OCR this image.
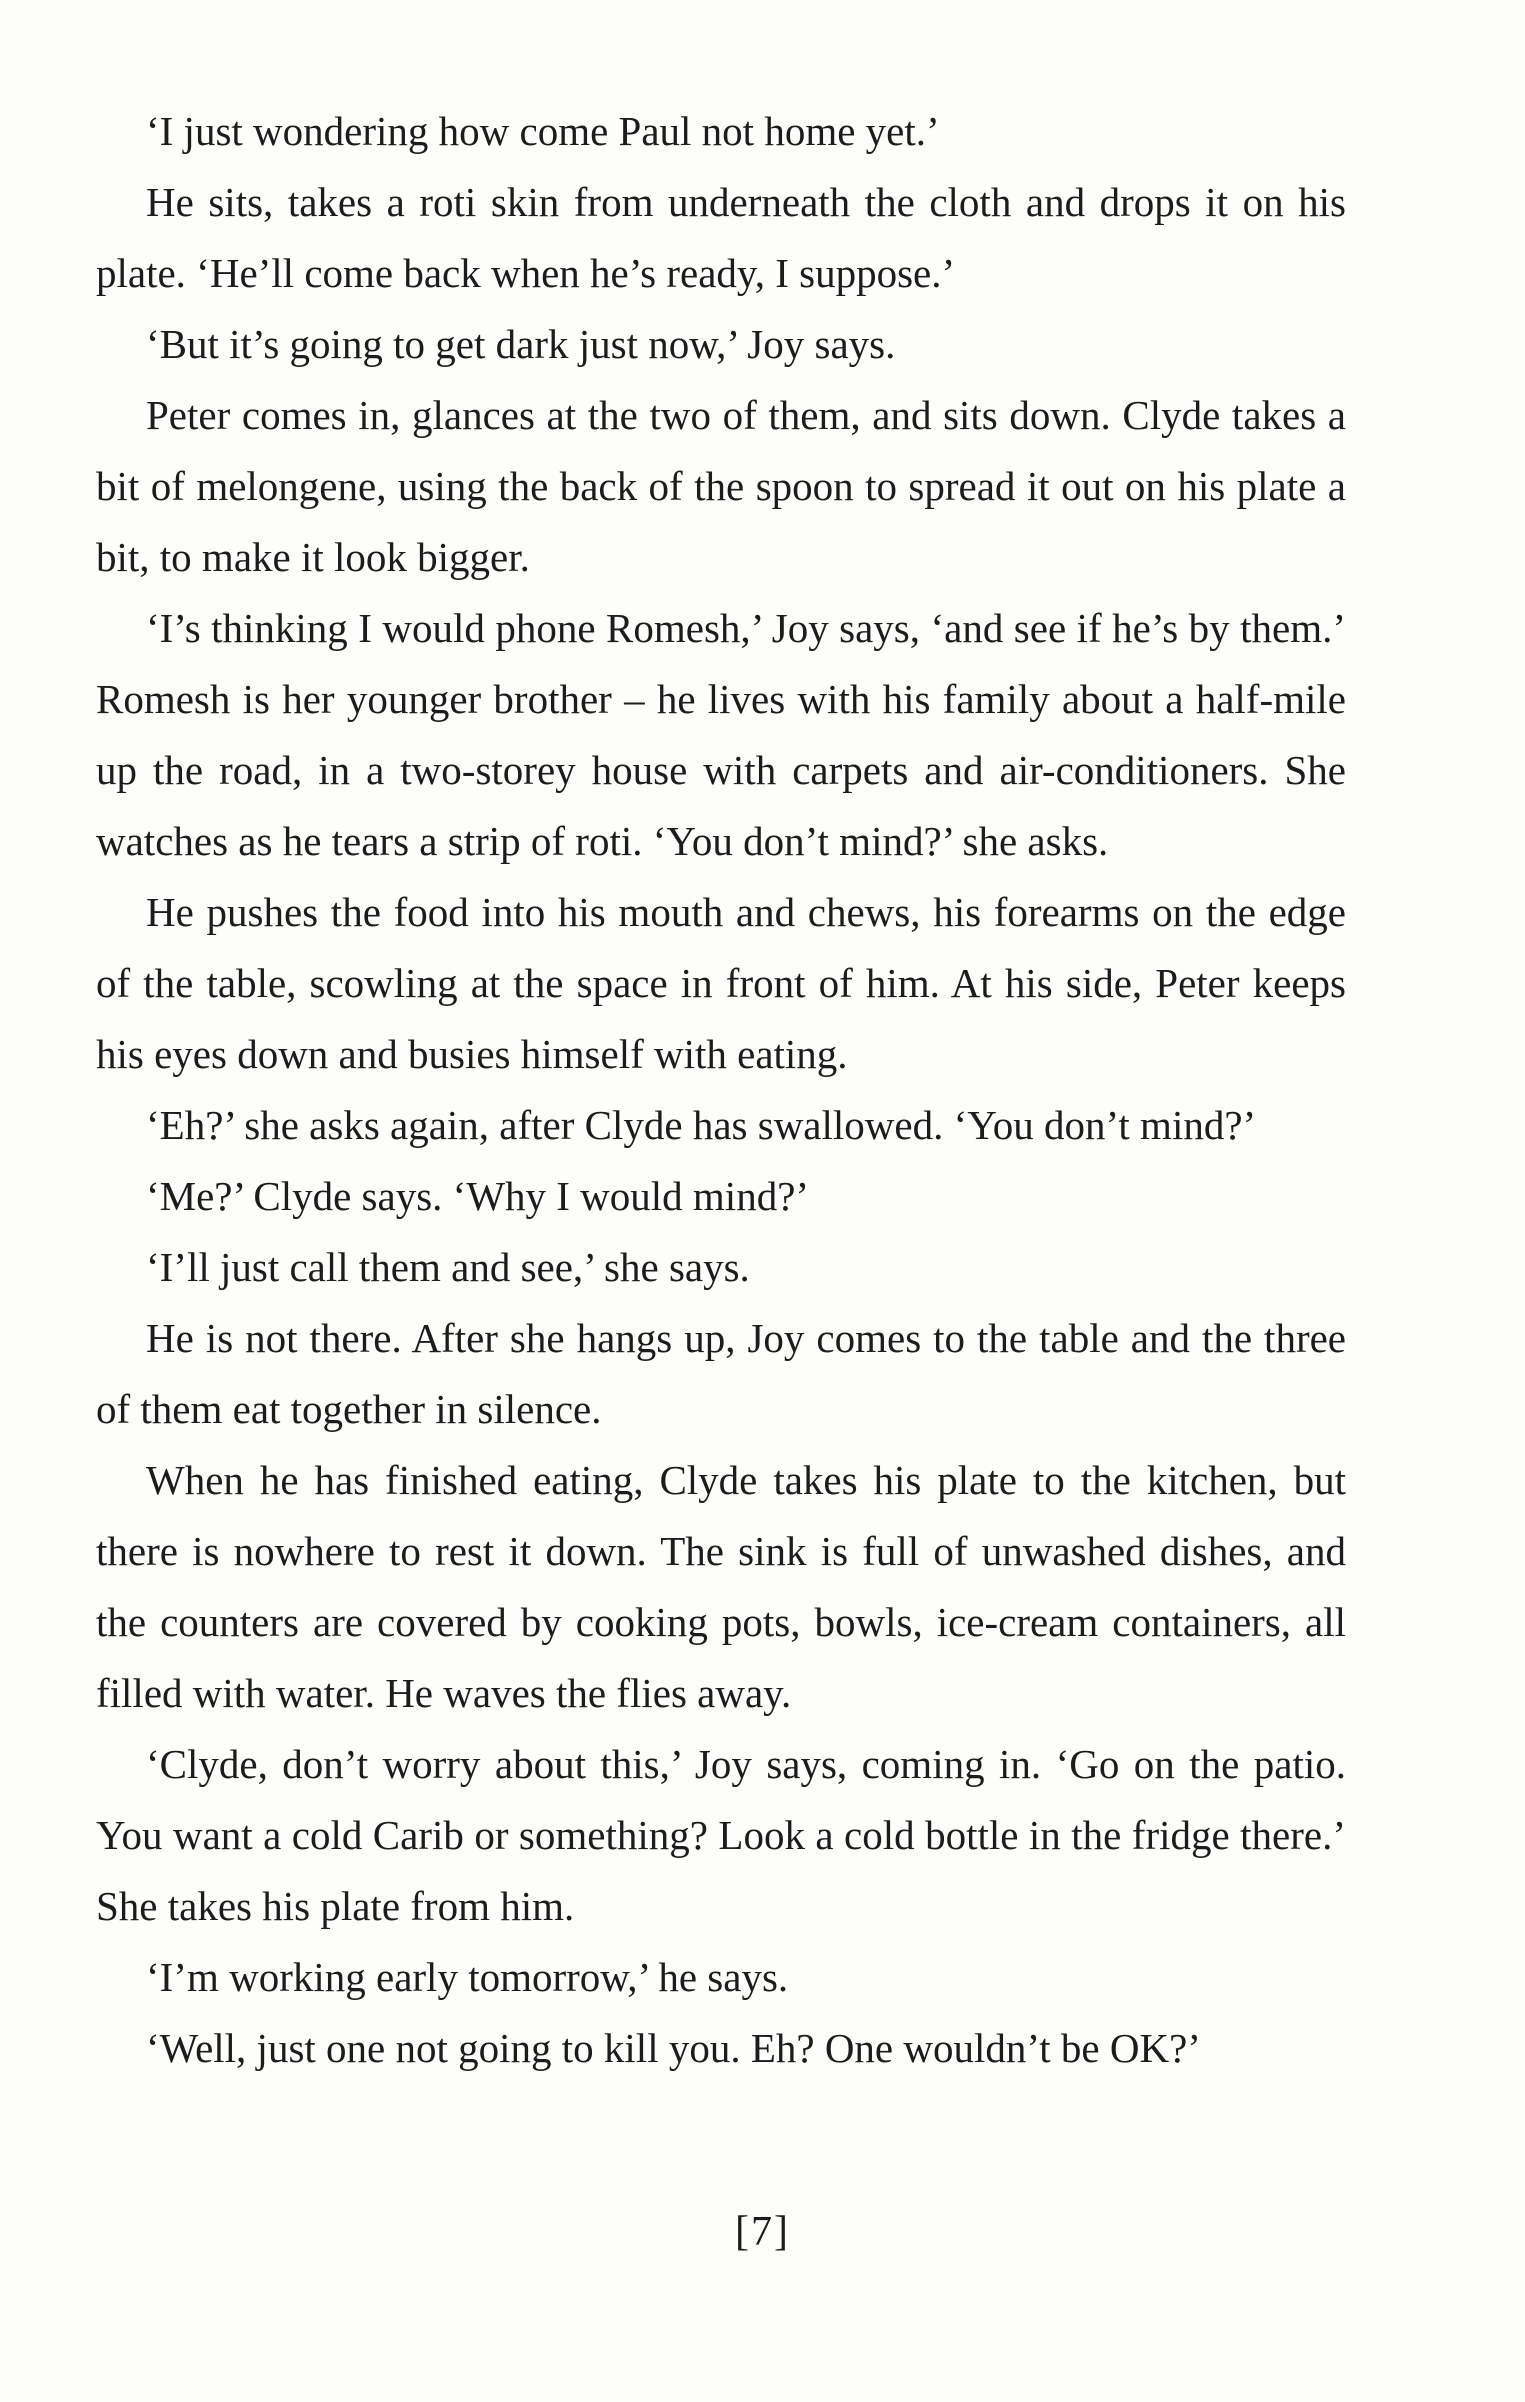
‘I just wondering how come Paul not home yet.’

He sits, takes a roti skin from underneath the cloth and drops it on his plate. ‘He’ll come back when he’s ready, I suppose.’

‘But it’s going to get dark just now,’ Joy says.

Peter comes in, glances at the two of them, and sits down. Clyde takes a bit of melongene, using the back of the spoon to spread it out on his plate a bit, to make it look bigger.

‘I’s thinking I would phone Romesh,’ Joy says, ‘and see if he’s by them.’ Romesh is her younger brother – he lives with his family about a half-mile up the road, in a two-storey house with carpets and air-conditioners. She watches as he tears a strip of roti. ‘You don’t mind?’ she asks.

He pushes the food into his mouth and chews, his forearms on the edge of the table, scowling at the space in front of him. At his side, Peter keeps his eyes down and busies himself with eating.

‘Eh?’ she asks again, after Clyde has swallowed. ‘You don’t mind?’

‘Me?’ Clyde says. ‘Why I would mind?’

‘I’ll just call them and see,’ she says.

He is not there. After she hangs up, Joy comes to the table and the three of them eat together in silence.

When he has finished eating, Clyde takes his plate to the kitchen, but there is nowhere to rest it down. The sink is full of unwashed dishes, and the counters are covered by cooking pots, bowls, ice-cream containers, all filled with water. He waves the flies away.

‘Clyde, don’t worry about this,’ Joy says, coming in. ‘Go on the patio. You want a cold Carib or something? Look a cold bottle in the fridge there.’ She takes his plate from him.

‘I’m working early tomorrow,’ he says.

‘Well, just one not going to kill you. Eh? One wouldn’t be OK?’

[7]
